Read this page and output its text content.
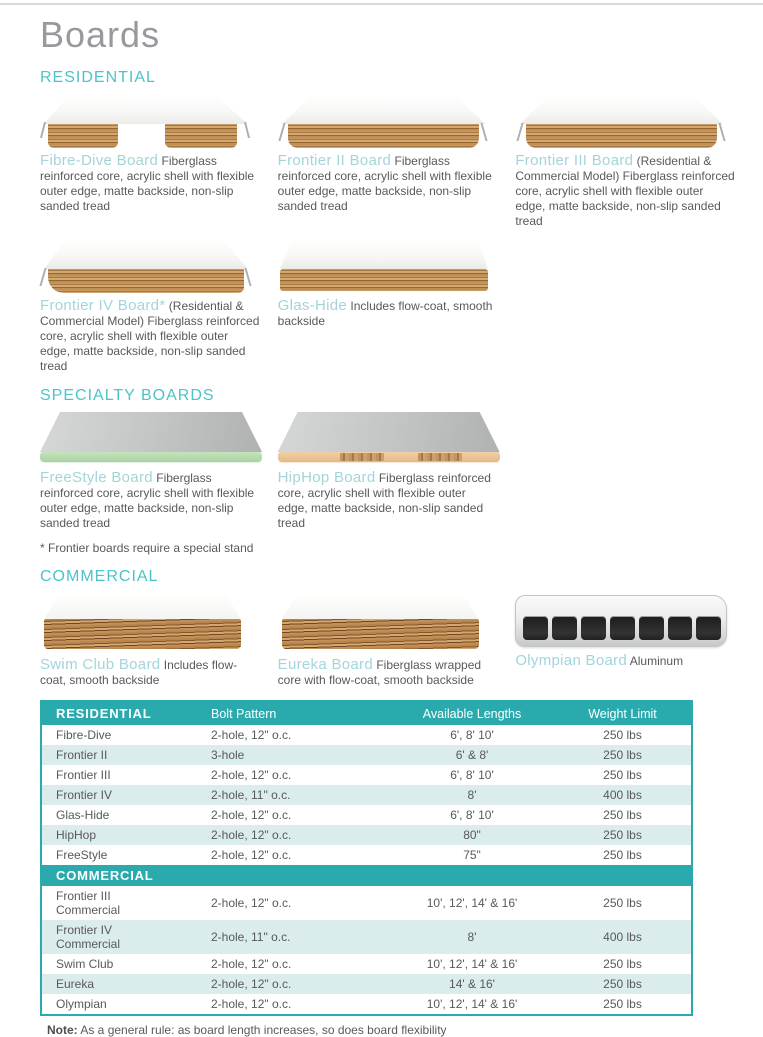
Boards
RESIDENTIAL

Fibre-Dive Board Fiberglass reinforced core, acrylic shell with flexible outer edge, matte backside, non-slip sanded tread

Frontier II Board Fiberglass reinforced core, acrylic shell with flexible outer edge, matte backside, non-slip sanded tread

Frontier III Board (Residential & Commercial Model) Fiberglass reinforced core, acrylic shell with flexible outer edge, matte backside, non-slip sanded tread

Frontier IV Board* (Residential & Commercial Model) Fiberglass reinforced core, acrylic shell with flexible outer edge, matte backside, non-slip sanded tread

Glas-Hide Includes flow-coat, smooth backside

SPECIALTY BOARDS

FreeStyle Board Fiberglass reinforced core, acrylic shell with flexible outer edge, matte backside, non-slip sanded tread

* Frontier boards require a special stand

HipHop Board Fiberglass reinforced core, acrylic shell with flexible outer edge, matte backside, non-slip sanded tread

COMMERCIAL

Swim Club Board Includes flow-coat, smooth backside

Eureka Board Fiberglass wrapped core with flow-coat, smooth backside

Olympian Board Aluminum

RESIDENTIAL	Bolt Pattern	Available Lengths	Weight Limit
Fibre-Dive	2-hole, 12" o.c.	6', 8' 10'	250 lbs
Frontier II	3-hole	6' & 8'	250 lbs
Frontier III	2-hole, 12" o.c.	6', 8' 10'	250 lbs
Frontier IV	2-hole, 11" o.c.	8'	400 lbs
Glas-Hide	2-hole, 12" o.c.	6', 8' 10'	250 lbs
HipHop	2-hole, 12" o.c.	80"	250 lbs
FreeStyle	2-hole, 12" o.c.	75"	250 lbs
COMMERCIAL
Frontier III Commercial	2-hole, 12" o.c.	10', 12', 14' & 16'	250 lbs
Frontier IV Commercial	2-hole, 11" o.c.	8'	400 lbs
Swim Club	2-hole, 12" o.c.	10', 12', 14' & 16'	250 lbs
Eureka	2-hole, 12" o.c.	14' & 16'	250 lbs
Olympian	2-hole, 12" o.c.	10', 12', 14' & 16'	250 lbs

Note: As a general rule: as board length increases, so does board flexibility
